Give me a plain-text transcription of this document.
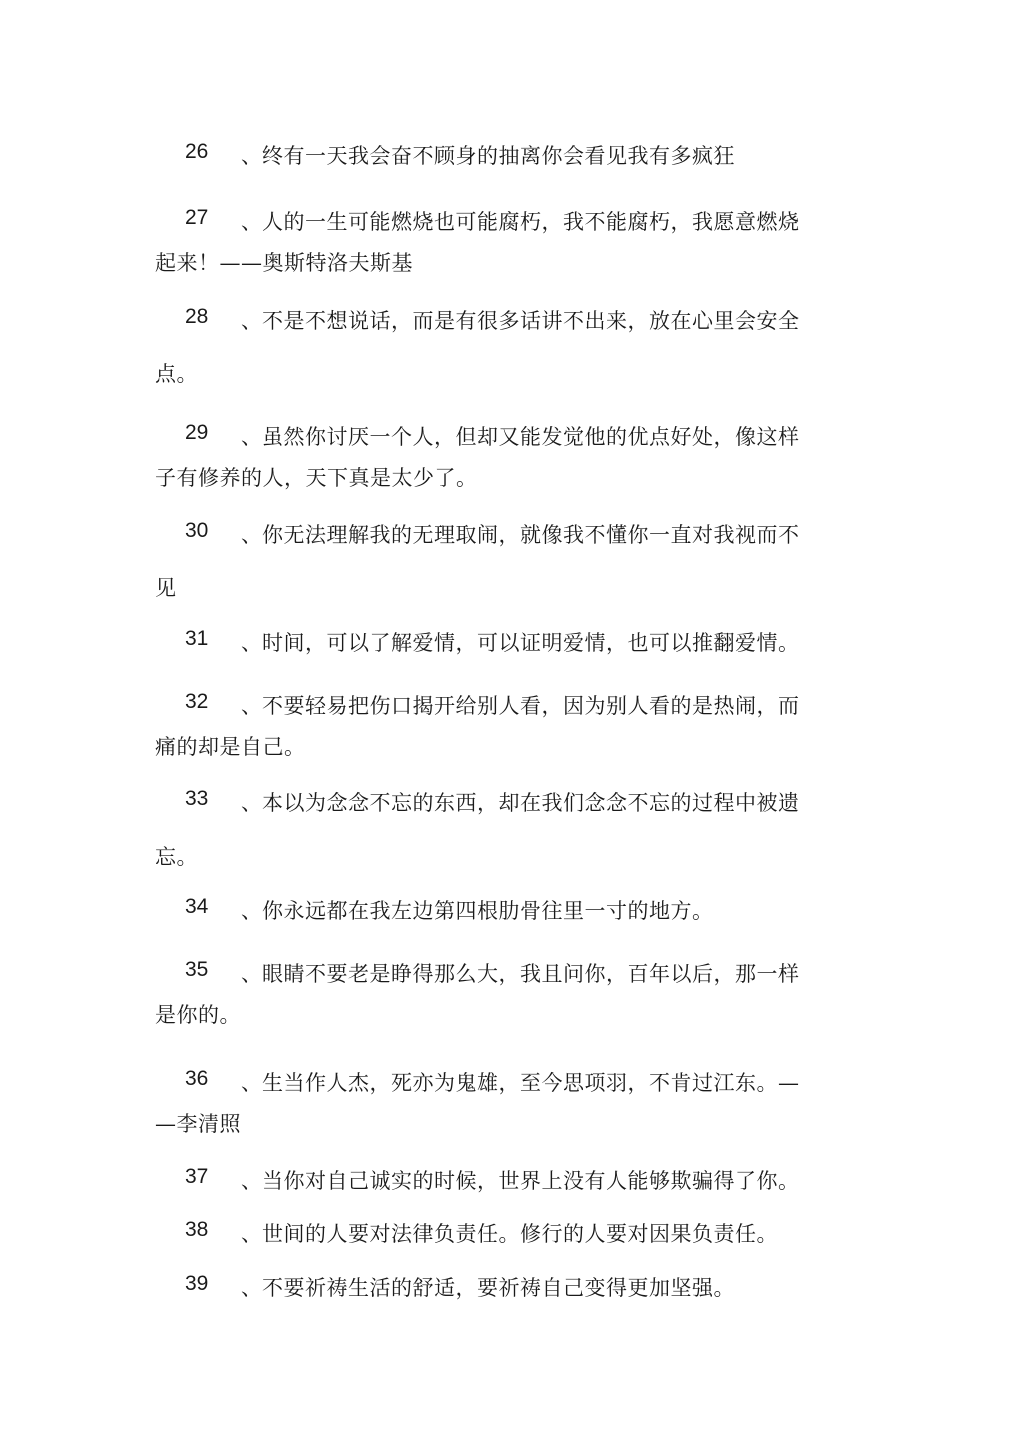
26 、 终有一天我会奋不顾身的抽离你会看见我有多疯狂
27 、 人的一生可能燃烧也可能腐朽，我不能腐朽，我愿意燃烧
起来！——奥斯特洛夫斯基
28 、 不是不想说话，而是有很多话讲不出来，放在心里会安全
点。
29 、 虽然你讨厌一个人，但却又能发觉他的优点好处，像这样
子有修养的人，天下真是太少了。
30 、 你无法理解我的无理取闹，就像我不懂你一直对我视而不
见
31 、 时间，可以了解爱情，可以证明爱情，也可以推翻爱情。
32 、 不要轻易把伤口揭开给别人看，因为别人看的是热闹，而
痛的却是自己。
33 、 本以为念念不忘的东西，却在我们念念不忘的过程中被遗
忘。
34 、 你永远都在我左边第四根肋骨往里一寸的地方。
35 、 眼睛不要老是睁得那么大，我且问你，百年以后，那一样
是你的。
36 、 生当作人杰，死亦为鬼雄，至今思项羽，不肯过江东。—
—李清照
37 、 当你对自己诚实的时候，世界上没有人能够欺骗得了你。
38 、 世间的人要对法律负责任。修行的人要对因果负责任。
39 、 不要祈祷生活的舒适，要祈祷自己变得更加坚强。
